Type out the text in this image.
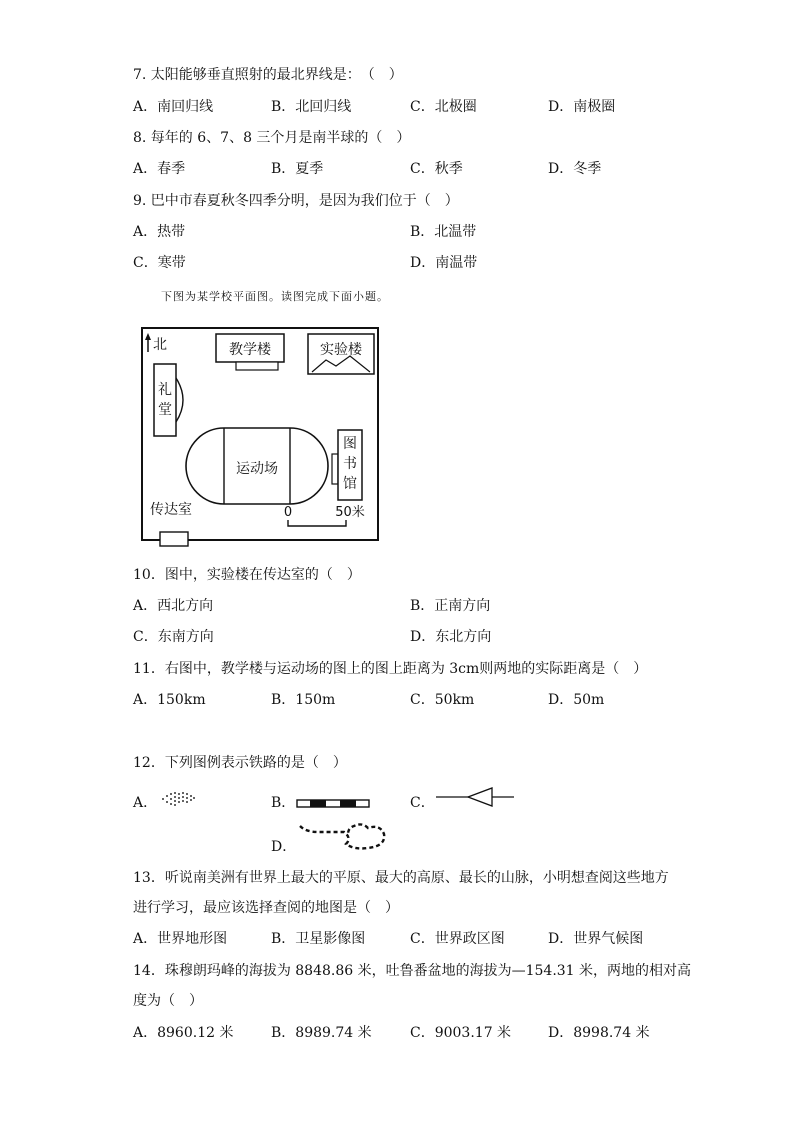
7. 太阳能够垂直照射的最北界线是：　（　）
A．南回归线	B．北回归线	C．北极圈	D．南极圈
8. 每年的 6、7、8 三个月是南半球的（　）
A．春季	B．夏季	C．秋季	D．冬季
9. 巴中市春夏秋冬四季分明，是因为我们位于（　）
A．热带	B．北温带
C．寒带	D．南温带
下图为某学校平面图。读图完成下面小题。
北	教学楼	实验楼
礼
堂
运动场
图
书
馆
传达室	0	50米
10．图中，实验楼在传达室的（　）
A．西北方向	B．正南方向
C．东南方向	D．东北方向
11．右图中，教学楼与运动场的图上的图上距离为 3cm则两地的实际距离是（　）
A．150km	B．150m	C．50km	D．50m
12．下列图例表示铁路的是（　）
A．	B．	C．
D．
13．听说南美洲有世界上最大的平原、最大的高原、最长的山脉，小明想查阅这些地方
进行学习，最应该选择查阅的地图是（　）
A．世界地形图	B．卫星影像图	C．世界政区图	D．世界气候图
14．珠穆朗玛峰的海拔为 8848.86 米，吐鲁番盆地的海拔为—154.31 米，两地的相对高
度为（　）
A．8960.12 米	B．8989.74 米	C．9003.17 米	D．8998.74 米
